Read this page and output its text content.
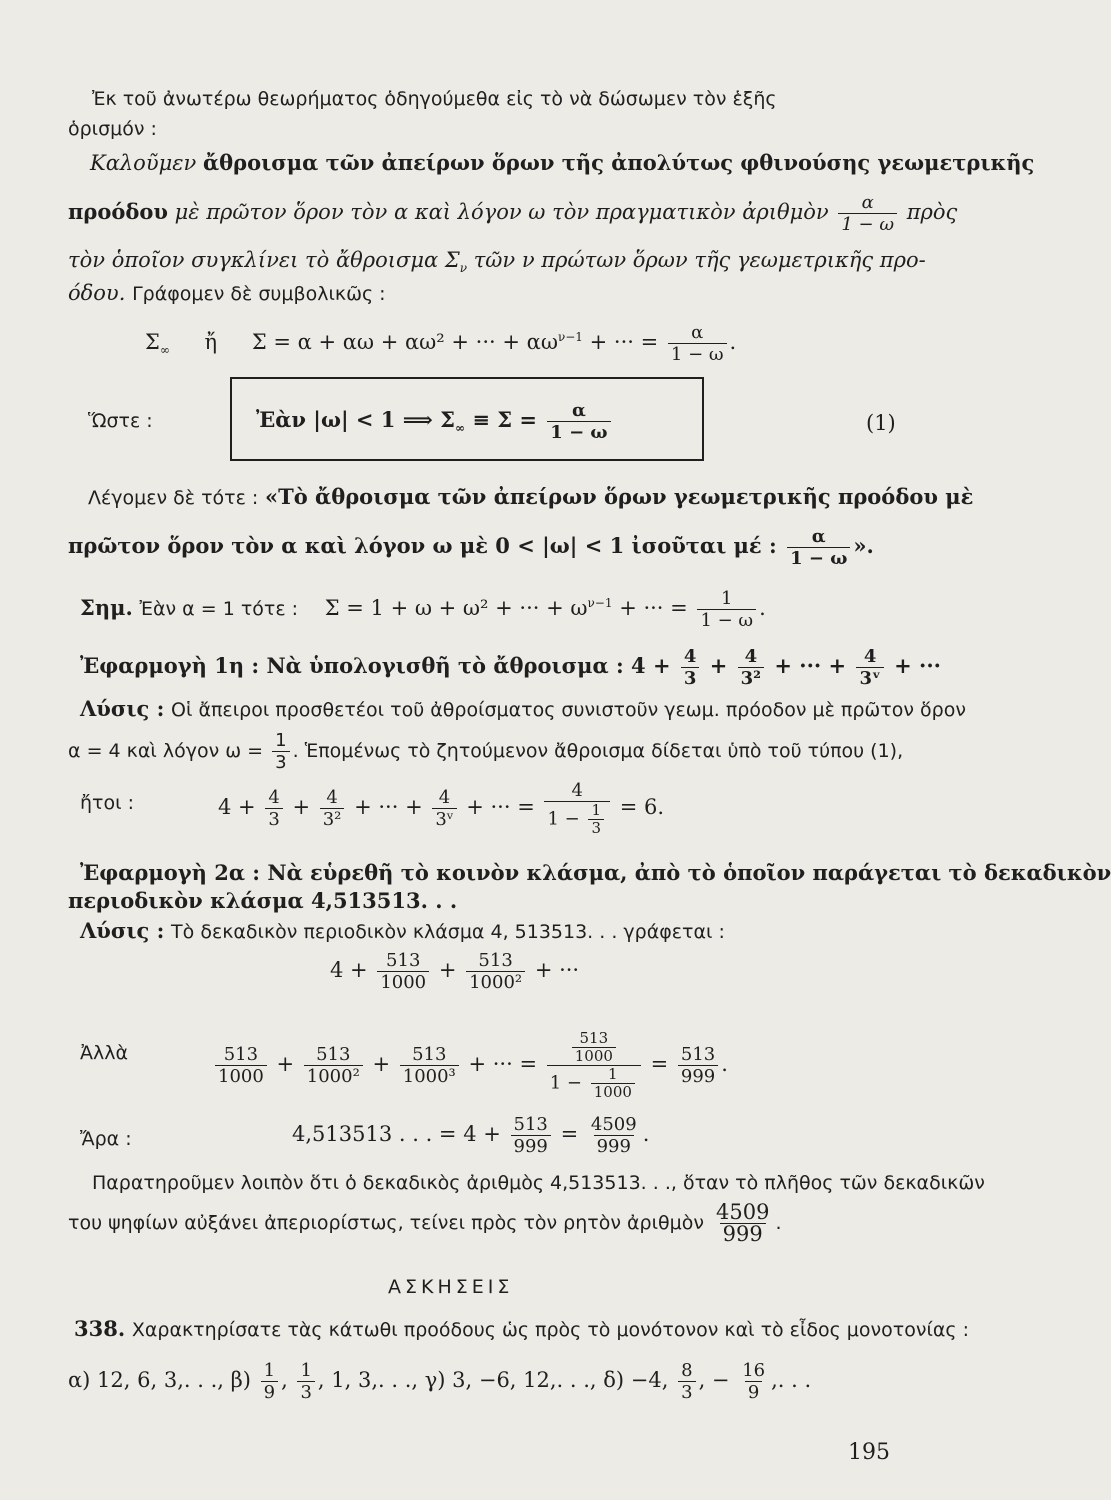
Ἐκ τοῦ ἀνωτέρω θεωρήματος ὁδηγούμεθα εἰς τὸ νὰ δώσωμεν τὸν ἑξῆς
ὁρισμόν :
Καλοῦμεν ἄθροισμα τῶν ἀπείρων ὅρων τῆς ἀπολύτως φθινούσης γεωμετρικῆς
προόδου μὲ πρῶτον ὅρον τὸν α καὶ λόγον ω τὸν πραγματικὸν ἀριθμὸν $\frac{\alpha}{1 - \omega}$ πρὸς
τὸν ὁποῖον συγκλίνει τὸ ἄθροισμα $\Sigma_\nu$ τῶν ν πρώτων ὅρων τῆς γεωμετρικῆς προ-
όδου. Γράφομεν δὲ συμβολικῶς :
$\Sigma_\infty$ ἤ Σ = α + αω + αω² + ··· + $\alpha\omega^{\nu-1}$ + ··· = $\frac{\alpha}{1 - \omega}$ .
Ὥστε :	Ἐὰν |ω| < 1 ⟹ $\Sigma_\infty \equiv \Sigma = \frac{\alpha}{1 - \omega}$	(1)
Λέγομεν δὲ τότε : «Τὸ ἄθροισμα τῶν ἀπείρων ὅρων γεωμετρικῆς προόδου μὲ
πρῶτον ὅρον τὸν α καὶ λόγον ω μὲ 0 < |ω| < 1 ἰσοῦται μέ : $\frac{\alpha}{1 - \omega}$ ».
Σημ. Ἐὰν α = 1 τότε : Σ = 1 + ω + ω² + ··· + $\omega^{\nu-1}$ + ··· = $\frac{1}{1 - \omega}$ .
Ἐφαρμογὴ 1η : Νὰ ὑπολογισθῆ τὸ ἄθροισμα : $4 + \frac{4}{3} + \frac{4}{\text{3²}}$ + ··· + $\frac{4}{\text{3ᵛ}}$ + ···
Λύσις : Οἱ ἄπειροι προσθετέοι τοῦ ἀθροίσματος συνιστοῦν γεωμ. πρόοδον μὲ πρῶτον ὅρον
α = 4 καὶ λόγον $\omega = \frac{1}{3}$ . Ἑπομένως τὸ ζητούμενον ἄθροισμα δίδεται ὑπὸ τοῦ τύπου (1),
ἤτοι :	$4 + \frac{4}{3} + \frac{4}{\text{3²}}$ + ··· + $\frac{4}{\text{3ᵛ}}$ + ··· = $\frac{4}{1 - \frac{1}{3}} = 6$.
Ἐφαρμογὴ 2α : Νὰ εὑρεθῆ τὸ κοινὸν κλάσμα, ἀπὸ τὸ ὁποῖον παράγεται τὸ δεκαδικὸν
περιοδικὸν κλάσμα 4,513513. . .
Λύσις : Τὸ δεκαδικὸν περιοδικὸν κλάσμα 4, 513513. . . γράφεται :
$4 + \frac{513}{1000} + \frac{513}{\text{1000²}}$ + ···
Ἀλλὰ	$\frac{513}{1000} + \frac{513}{\text{1000²}} + \frac{513}{\text{1000³}}$ + ··· = $\frac{\frac{513}{1000}}{1 - \frac{1}{1000}} = \frac{513}{999}$ .
Ἄρα :	4,513513 . . . = $4 + \frac{513}{999} = \frac{4509}{999}$ .
Παρατηροῦμεν λοιπὸν ὅτι ὁ δεκαδικὸς ἀριθμὸς 4,513513. . ., ὅταν τὸ πλῆθος τῶν δεκαδικῶν
του ψηφίων αὐξάνει ἀπεριορίστως, τείνει πρὸς τὸν ρητὸν ἀριθμὸν $\frac{4509}{999}$ .
ΑΣΚΗΣΕΙΣ
338. Χαρακτηρίσατε τὰς κάτωθι προόδους ὡς πρὸς τὸ μονότονον καὶ τὸ εἶδος μονοτονίας :
α) 12, 6, 3,. . ., $\beta) \frac{1}{9}$ , $\frac{1}{3}$ , 1, 3,. . ., γ) 3, −6, 12,. . ., δ) −4, $\frac{8}{3}$ , − $\frac{16}{9}$ ,. . .
195
